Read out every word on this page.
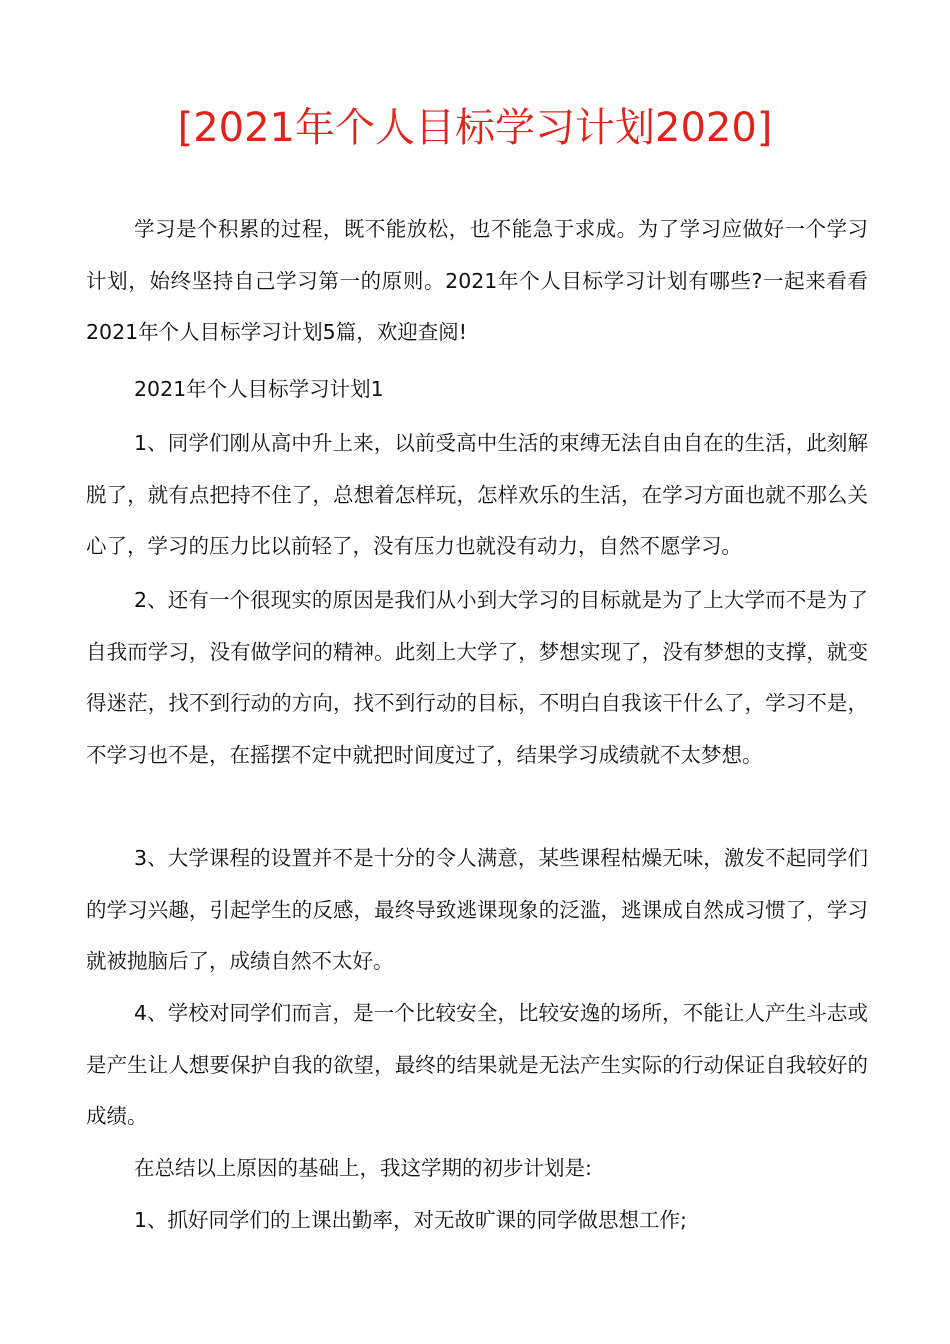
[2021年个人目标学习计划2020]

学习是个积累的过程，既不能放松，也不能急于求成。为了学习应做好一个学习计划，始终坚持自己学习第一的原则。2021年个人目标学习计划有哪些?一起来看看2021年个人目标学习计划5篇，欢迎查阅!

2021年个人目标学习计划1

1、同学们刚从高中升上来，以前受高中生活的束缚无法自由自在的生活，此刻解脱了，就有点把持不住了，总想着怎样玩，怎样欢乐的生活，在学习方面也就不那么关心了，学习的压力比以前轻了，没有压力也就没有动力，自然不愿学习。

2、还有一个很现实的原因是我们从小到大学习的目标就是为了上大学而不是为了自我而学习，没有做学问的精神。此刻上大学了，梦想实现了，没有梦想的支撑，就变得迷茫，找不到行动的方向，找不到行动的目标，不明白自我该干什么了，学习不是，不学习也不是，在摇摆不定中就把时间度过了，结果学习成绩就不太梦想。

3、大学课程的设置并不是十分的令人满意，某些课程枯燥无味，激发不起同学们的学习兴趣，引起学生的反感，最终导致逃课现象的泛滥，逃课成自然成习惯了，学习就被抛脑后了，成绩自然不太好。

4、学校对同学们而言，是一个比较安全，比较安逸的场所，不能让人产生斗志或是产生让人想要保护自我的欲望，最终的结果就是无法产生实际的行动保证自我较好的成绩。

在总结以上原因的基础上，我这学期的初步计划是:

1、抓好同学们的上课出勤率，对无故旷课的同学做思想工作;
